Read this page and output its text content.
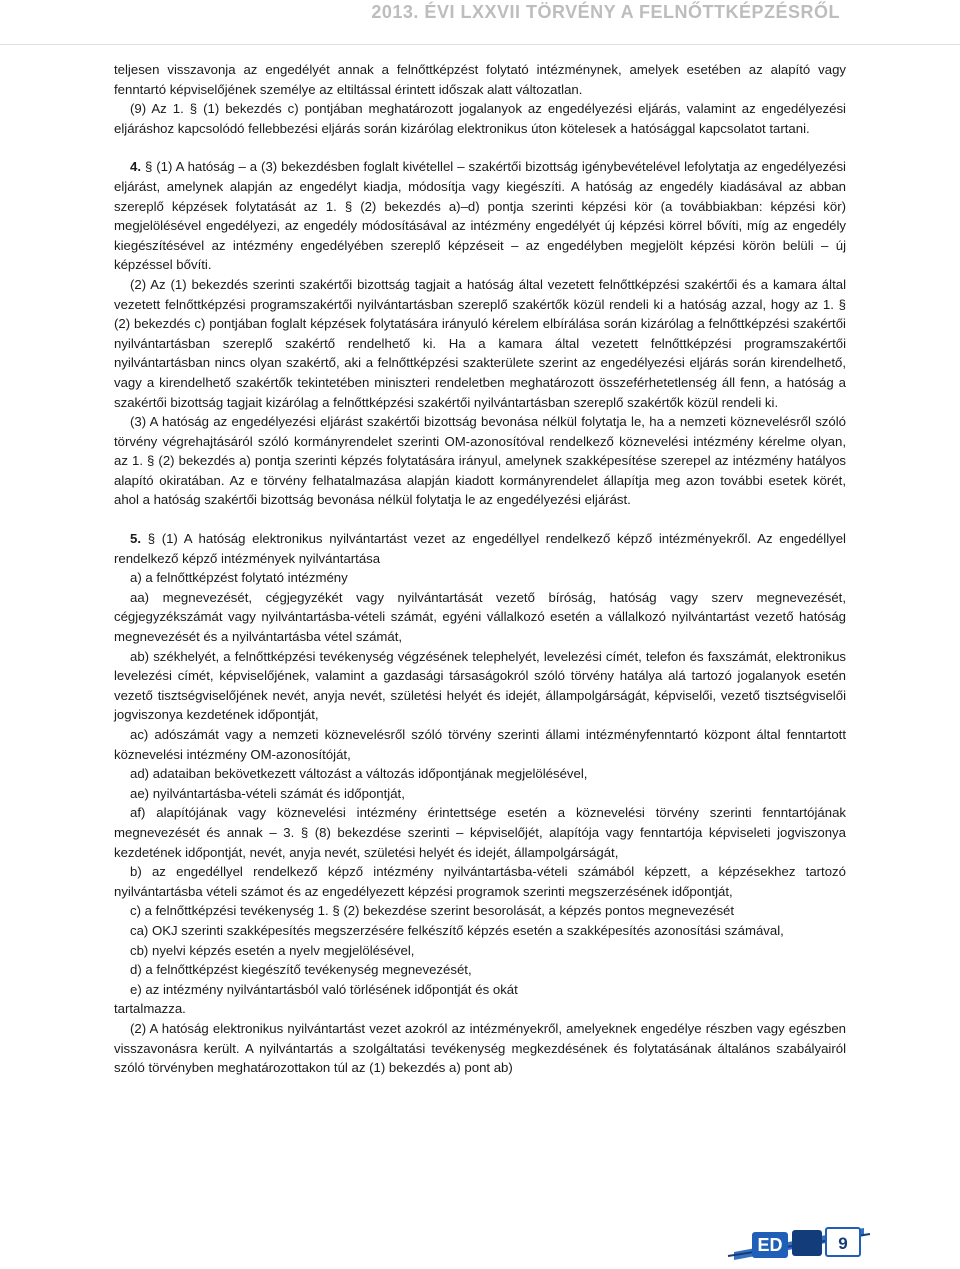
2013. ÉVI LXXVII TÖRVÉNY A FELNŐTTKÉPZÉSRŐL

teljesen visszavonja az engedélyét annak a felnőttképzést folytató intézménynek, amelyek esetében az alapító vagy fenntartó képviselőjének személye az eltiltással érintett időszak alatt változatlan.

(9) Az 1. § (1) bekezdés c) pontjában meghatározott jogalanyok az engedélyezési eljárás, valamint az engedélyezési eljáráshoz kapcsolódó fellebbezési eljárás során kizárólag elektronikus úton kötelesek a hatósággal kapcsolatot tartani.

4. § (1) A hatóság – a (3) bekezdésben foglalt kivétellel – szakértői bizottság igénybevételével lefolytatja az engedélyezési eljárást, amelynek alapján az engedélyt kiadja, módosítja vagy kiegészíti. A hatóság az engedély kiadásával az abban szereplő képzések folytatását az 1. § (2) bekezdés a)–d) pontja szerinti képzési kör (a továbbiakban: képzési kör) megjelölésével engedélyezi, az engedély módosításával az intézmény engedélyét új képzési körrel bővíti, míg az engedély kiegészítésével az intézmény engedélyében szereplő képzéseit – az engedélyben megjelölt képzési körön belüli – új képzéssel bővíti.

(2) Az (1) bekezdés szerinti szakértői bizottság tagjait a hatóság által vezetett felnőttképzési szakértői és a kamara által vezetett felnőttképzési programszakértői nyilvántartásban szereplő szakértők közül rendeli ki a hatóság azzal, hogy az 1. § (2) bekezdés c) pontjában foglalt képzések folytatására irányuló kérelem elbírálása során kizárólag a felnőttképzési szakértői nyilvántartásban szereplő szakértő rendelhető ki. Ha a kamara által vezetett felnőttképzési programszakértői nyilvántartásban nincs olyan szakértő, aki a felnőttképzési szakterülete szerint az engedélyezési eljárás során kirendelhető, vagy a kirendelhető szakértők tekintetében miniszteri rendeletben meghatározott összeférhetetlenség áll fenn, a hatóság a szakértői bizottság tagjait kizárólag a felnőttképzési szakértői nyilvántartásban szereplő szakértők közül rendeli ki.

(3) A hatóság az engedélyezési eljárást szakértői bizottság bevonása nélkül folytatja le, ha a nemzeti köznevelésről szóló törvény végrehajtásáról szóló kormányrendelet szerinti OM-azonosítóval rendelkező köznevelési intézmény kérelme olyan, az 1. § (2) bekezdés a) pontja szerinti képzés folytatására irányul, amelynek szakképesítése szerepel az intézmény hatályos alapító okiratában. Az e törvény felhatalmazása alapján kiadott kormányrendelet állapítja meg azon további esetek körét, ahol a hatóság szakértői bizottság bevonása nélkül folytatja le az engedélyezési eljárást.

5. § (1) A hatóság elektronikus nyilvántartást vezet az engedéllyel rendelkező képző intézményekről. Az engedéllyel rendelkező képző intézmények nyilvántartása

a) a felnőttképzést folytató intézmény

aa) megnevezését, cégjegyzékét vagy nyilvántartását vezető bíróság, hatóság vagy szerv megnevezését, cégjegyzékszámát vagy nyilvántartásba-vételi számát, egyéni vállalkozó esetén a vállalkozó nyilvántartást vezető hatóság megnevezését és a nyilvántartásba vétel számát,

ab) székhelyét, a felnőttképzési tevékenység végzésének telephelyét, levelezési címét, telefon és faxszámát, elektronikus levelezési címét, képviselőjének, valamint a gazdasági társaságokról szóló törvény hatálya alá tartozó jogalanyok esetén vezető tisztségviselőjének nevét, anyja nevét, születési helyét és idejét, állampolgárságát, képviselői, vezető tisztségviselői jogviszonya kezdetének időpontját,

ac) adószámát vagy a nemzeti köznevelésről szóló törvény szerinti állami intézményfenntartó központ által fenntartott köznevelési intézmény OM-azonosítóját,

ad) adataiban bekövetkezett változást a változás időpontjának megjelölésével,

ae) nyilvántartásba-vételi számát és időpontját,

af) alapítójának vagy köznevelési intézmény érintettsége esetén a köznevelési törvény szerinti fenntartójának megnevezését és annak – 3. § (8) bekezdése szerinti – képviselőjét, alapítója vagy fenntartója képviseleti jogviszonya kezdetének időpontját, nevét, anyja nevét, születési helyét és idejét, állampolgárságát,

b) az engedéllyel rendelkező képző intézmény nyilvántartásba-vételi számából képzett, a képzésekhez tartozó nyilvántartásba vételi számot és az engedélyezett képzési programok szerinti megszerzésének időpontját,

c) a felnőttképzési tevékenység 1. § (2) bekezdése szerint besorolását, a képzés pontos megnevezését

ca) OKJ szerinti szakképesítés megszerzésére felkészítő képzés esetén a szakképesítés azonosítási számával,

cb) nyelvi képzés esetén a nyelv megjelölésével,

d) a felnőttképzést kiegészítő tevékenység megnevezését,

e) az intézmény nyilvántartásból való törlésének időpontját és okát

tartalmazza.

(2) A hatóság elektronikus nyilvántartást vezet azokról az intézményekről, amelyeknek engedélye részben vagy egészben visszavonásra került. A nyilvántartás a szolgáltatási tevékenység megkezdésének és folytatásának általános szabályairól szóló törvényben meghatározottakon túl az (1) bekezdés a) pont ab)

ED	9
